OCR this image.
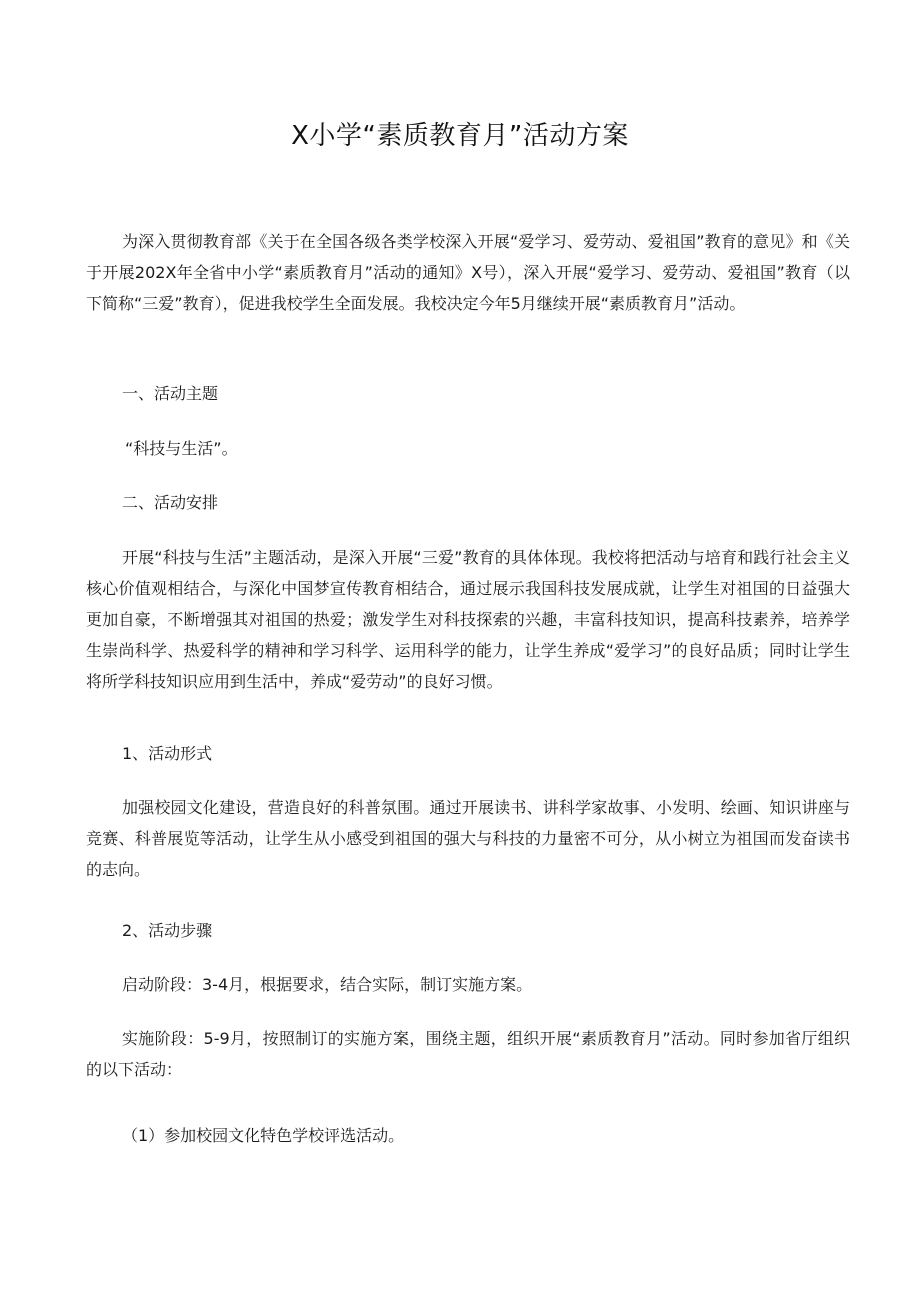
X小学“素质教育月”活动方案

为深入贯彻教育部《关于在全国各级各类学校深入开展“爱学习、爱劳动、爱祖国”教育的意见》和《关于开展202X年全省中小学“素质教育月”活动的通知》X号），深入开展“爱学习、爱劳动、爱祖国”教育（以下简称“三爱”教育），促进我校学生全面发展。我校决定今年5月继续开展“素质教育月”活动。

一、活动主题

“科技与生活”。

二、活动安排

开展“科技与生活”主题活动，是深入开展“三爱”教育的具体体现。我校将把活动与培育和践行社会主义核心价值观相结合，与深化中国梦宣传教育相结合，通过展示我国科技发展成就，让学生对祖国的日益强大更加自豪，不断增强其对祖国的热爱；激发学生对科技探索的兴趣，丰富科技知识，提高科技素养，培养学生崇尚科学、热爱科学的精神和学习科学、运用科学的能力，让学生养成“爱学习”的良好品质；同时让学生将所学科技知识应用到生活中，养成“爱劳动”的良好习惯。

1、活动形式

加强校园文化建设，营造良好的科普氛围。通过开展读书、讲科学家故事、小发明、绘画、知识讲座与竞赛、科普展览等活动，让学生从小感受到祖国的强大与科技的力量密不可分，从小树立为祖国而发奋读书的志向。

2、活动步骤

启动阶段：3-4月，根据要求，结合实际，制订实施方案。

实施阶段：5-9月，按照制订的实施方案，围绕主题，组织开展“素质教育月”活动。同时参加省厅组织的以下活动：

（1）参加校园文化特色学校评选活动。
